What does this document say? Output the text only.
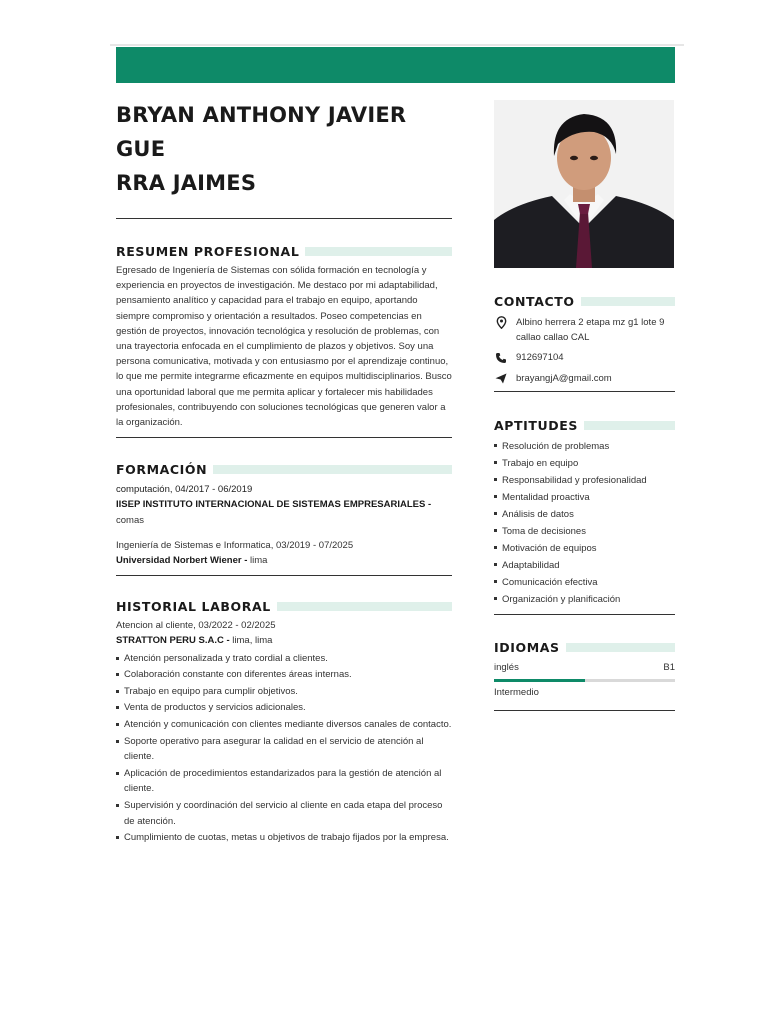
BRYAN ANTHONY JAVIER GUE
RRA JAIMES
RESUMEN PROFESIONAL
Egresado de Ingeniería de Sistemas con sólida formación en tecnología y experiencia en proyectos de investigación. Me destaco por mi adaptabilidad, pensamiento analítico y capacidad para el trabajo en equipo, aportando siempre compromiso y orientación a resultados. Poseo competencias en gestión de proyectos, innovación tecnológica y resolución de problemas, con una trayectoria enfocada en el cumplimiento de plazos y objetivos. Soy una persona comunicativa, motivada y con entusiasmo por el aprendizaje continuo, lo que me permite integrarme eficazmente en equipos multidisciplinarios. Busco una oportunidad laboral que me permita aplicar y fortalecer mis habilidades profesionales, contribuyendo con soluciones tecnológicas que generen valor a la organización.
FORMACIÓN
computación, 04/2017 - 06/2019
IISEP INSTITUTO INTERNACIONAL DE SISTEMAS EMPRESARIALES -
comas
Ingeniería de Sistemas e Informatica, 03/2019 - 07/2025
Universidad Norbert Wiener - lima
HISTORIAL LABORAL
Atencion al cliente, 03/2022 - 02/2025
STRATTON PERU S.A.C - lima, lima
Atención personalizada y trato cordial a clientes.
Colaboración constante con diferentes áreas internas.
Trabajo en equipo para cumplir objetivos.
Venta de productos y servicios adicionales.
Atención y comunicación con clientes mediante diversos canales de contacto.
Soporte operativo para asegurar la calidad en el servicio de atención al cliente.
Aplicación de procedimientos estandarizados para la gestión de atención al cliente.
Supervisión y coordinación del servicio al cliente en cada etapa del proceso de atención.
Cumplimiento de cuotas, metas u objetivos de trabajo fijados por la empresa.
CONTACTO
Albino herrera 2 etapa mz g1 lote 9 callao callao CAL
912697104
brayangjA@gmail.com
APTITUDES
Resolución de problemas
Trabajo en equipo
Responsabilidad y profesionalidad
Mentalidad proactiva
Análisis de datos
Toma de decisiones
Motivación de equipos
Adaptabilidad
Comunicación efectiva
Organización y planificación
IDIOMAS
inglés	B1
Intermedio
